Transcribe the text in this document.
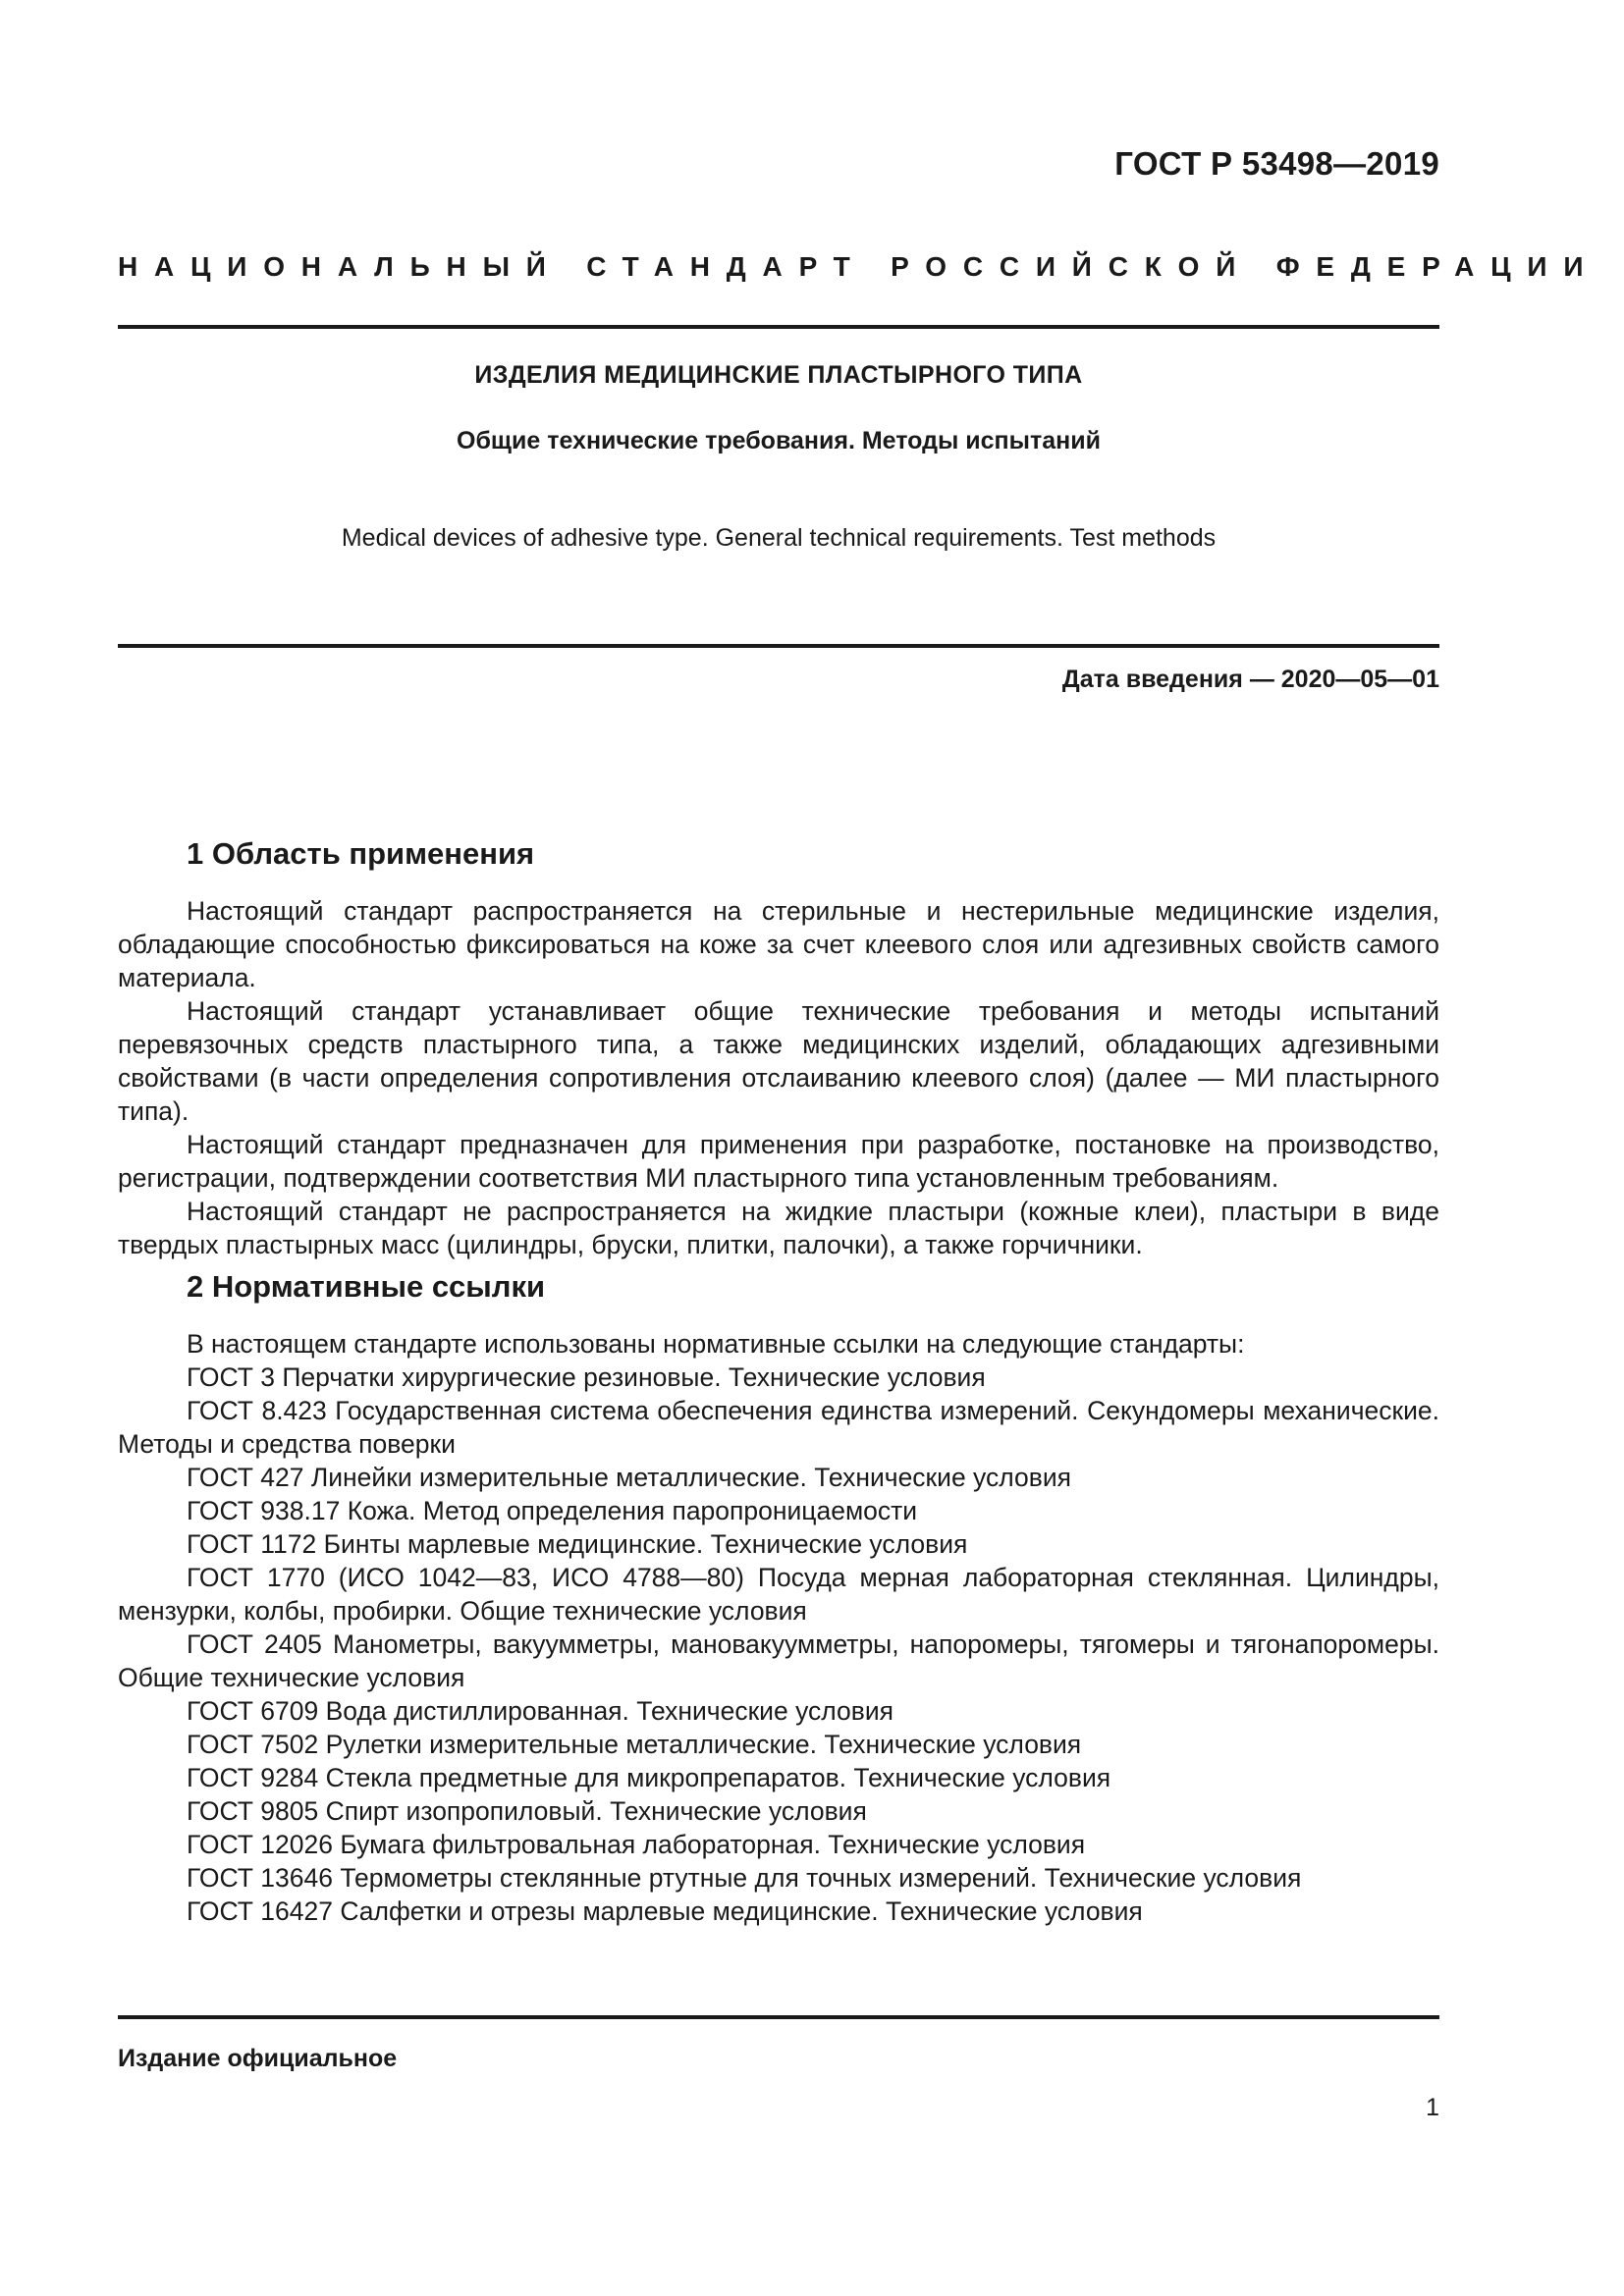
ГОСТ Р 53498—2019
НАЦИОНАЛЬНЫЙ СТАНДАРТ РОССИЙСКОЙ ФЕДЕРАЦИИ
ИЗДЕЛИЯ МЕДИЦИНСКИЕ ПЛАСТЫРНОГО ТИПА
Общие технические требования. Методы испытаний
Medical devices of adhesive type. General technical requirements. Test methods
Дата введения — 2020—05—01
1 Область применения

Настоящий стандарт распространяется на стерильные и нестерильные медицинские изделия, обладающие способностью фиксироваться на коже за счет клеевого слоя или адгезивных свойств самого материала.

Настоящий стандарт устанавливает общие технические требования и методы испытаний перевязочных средств пластырного типа, а также медицинских изделий, обладающих адгезивными свойствами (в части определения сопротивления отслаиванию клеевого слоя) (далее — МИ пластырного типа).

Настоящий стандарт предназначен для применения при разработке, постановке на производство, регистрации, подтверждении соответствия МИ пластырного типа установленным требованиям.

Настоящий стандарт не распространяется на жидкие пластыри (кожные клеи), пластыри в виде твердых пластырных масс (цилиндры, бруски, плитки, палочки), а также горчичники.

2 Нормативные ссылки

В настоящем стандарте использованы нормативные ссылки на следующие стандарты:

ГОСТ 3 Перчатки хирургические резиновые. Технические условия

ГОСТ 8.423 Государственная система обеспечения единства измерений. Секундомеры механические. Методы и средства поверки

ГОСТ 427 Линейки измерительные металлические. Технические условия

ГОСТ 938.17 Кожа. Метод определения паропроницаемости

ГОСТ 1172 Бинты марлевые медицинские. Технические условия

ГОСТ 1770 (ИСО 1042—83, ИСО 4788—80) Посуда мерная лабораторная стеклянная. Цилиндры, мензурки, колбы, пробирки. Общие технические условия

ГОСТ 2405 Манометры, вакуумметры, мановакуумметры, напоромеры, тягомеры и тягонапоромеры. Общие технические условия

ГОСТ 6709 Вода дистиллированная. Технические условия

ГОСТ 7502 Рулетки измерительные металлические. Технические условия

ГОСТ 9284 Стекла предметные для микропрепаратов. Технические условия

ГОСТ 9805 Спирт изопропиловый. Технические условия

ГОСТ 12026 Бумага фильтровальная лабораторная. Технические условия

ГОСТ 13646 Термометры стеклянные ртутные для точных измерений. Технические условия

ГОСТ 16427 Салфетки и отрезы марлевые медицинские. Технические условия

Издание официальное
1
